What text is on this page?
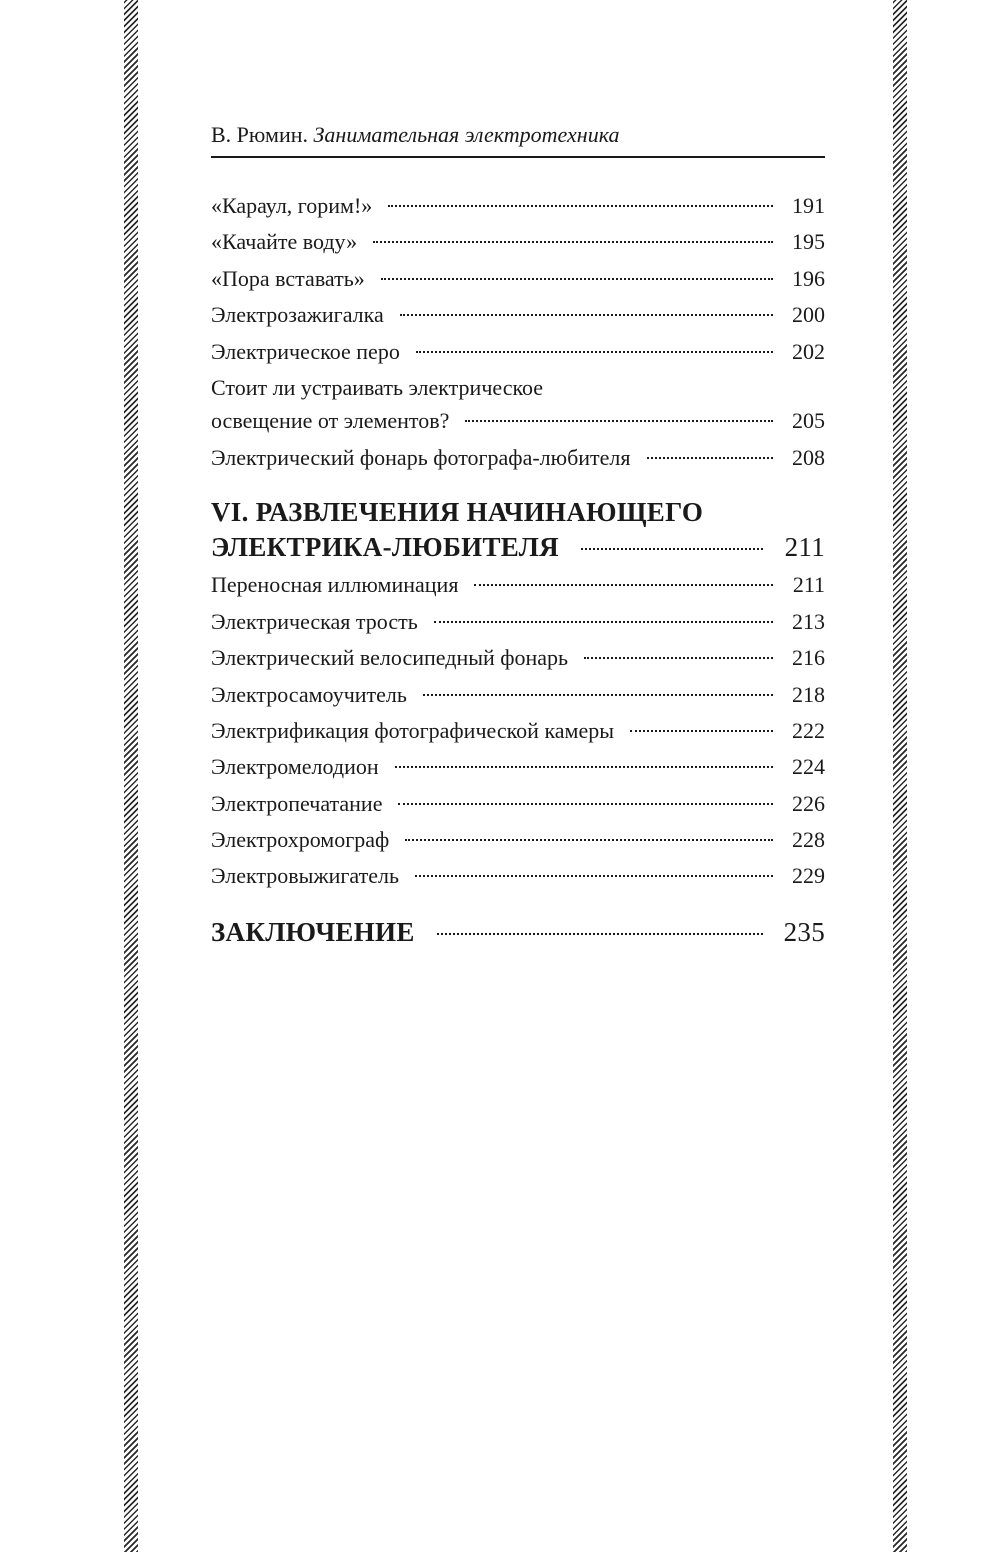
В. Рюмин. Занимательная электротехника
«Караул, горим!»	191
«Качайте воду»	195
«Пора вставать»	196
Электрозажигалка	200
Электрическое перо	202
Стоит ли устраивать электрическое
освещение от элементов?	205
Электрический фонарь фотографа-любителя	208
VI. РАЗВЛЕЧЕНИЯ НАЧИНАЮЩЕГО
ЭЛЕКТРИКА-ЛЮБИТЕЛЯ	211
Переносная иллюминация	211
Электрическая трость	213
Электрический велосипедный фонарь	216
Электросамоучитель	218
Электрификация фотографической камеры	222
Электромелодион	224
Электропечатание	226
Электрохромограф	228
Электровыжигатель	229
ЗАКЛЮЧЕНИЕ	235
